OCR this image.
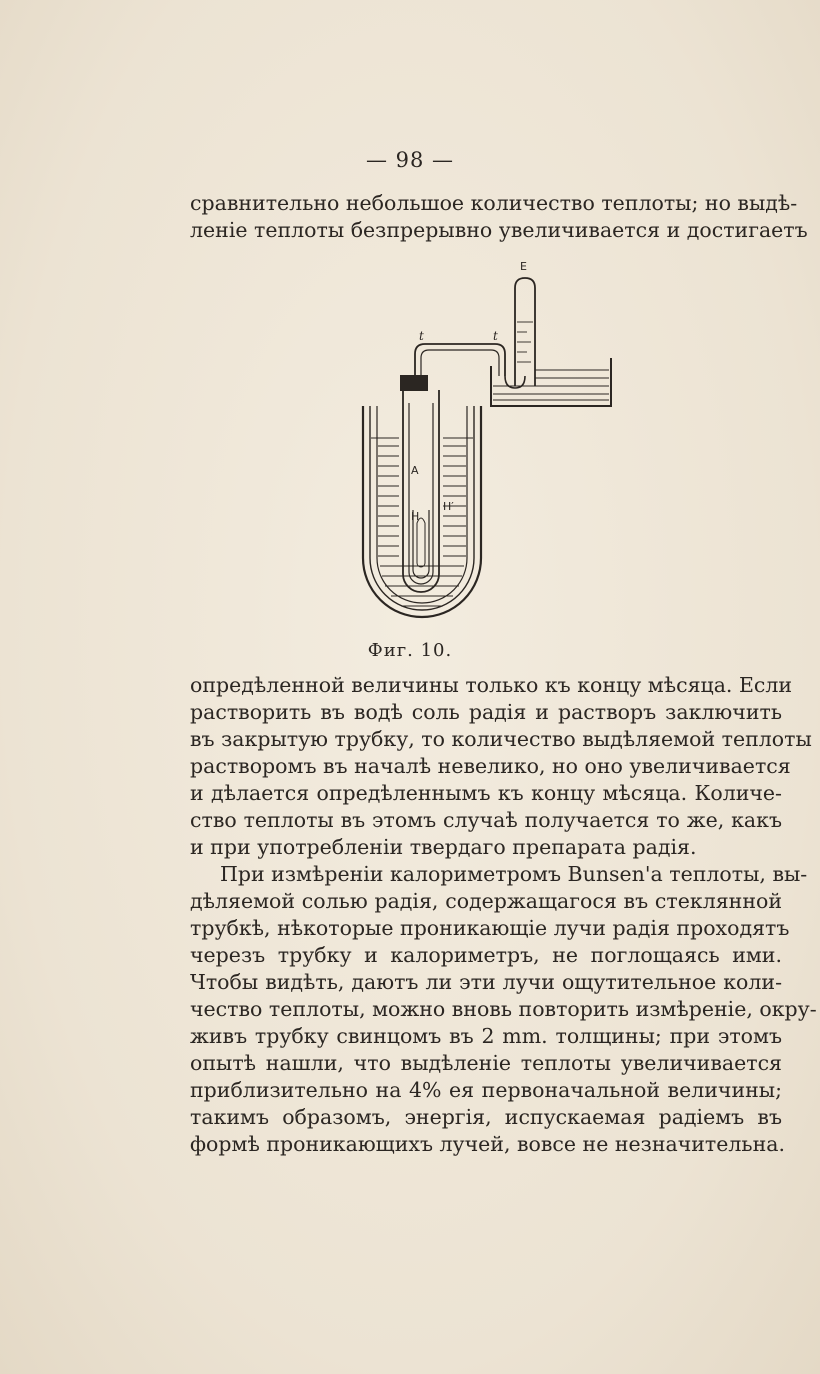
— 98 —
сравнительно небольшое количество теплоты; но выдѣ-
ленiе теплоты безпрерывно увеличивается и достигаетъ
E
t	t
A
H
H′
Фиг. 10.
опредѣленной величины только къ концу мѣсяца. Если
растворить въ водѣ соль радiя и растворъ заключить
въ закрытую трубку, то количество выдѣляемой теплоты
растворомъ въ началѣ невелико, но оно увеличивается
и дѣлается опредѣленнымъ къ концу мѣсяца. Количе-
ство теплоты въ этомъ случаѣ получается то же, какъ
и при употребленiи твердаго препарата радiя.
При измѣренiи калориметромъ Bunsen'a теплоты, вы-
дѣляемой солью радiя, содержащагося въ стеклянной
трубкѣ, нѣкоторые проникающiе лучи радiя проходятъ
черезъ трубку и калориметръ, не поглощаясь ими.
Чтобы видѣть, даютъ ли эти лучи ощутительное коли-
чество теплоты, можно вновь повторить измѣренiе, окру-
живъ трубку свинцомъ въ 2 mm. толщины; при этомъ
опытѣ нашли, что выдѣленiе теплоты увеличивается
приблизительно на 4% ея первоначальной величины;
такимъ образомъ, энергiя, испускаемая радiемъ въ
формѣ проникающихъ лучей, вовсе не незначительна.
